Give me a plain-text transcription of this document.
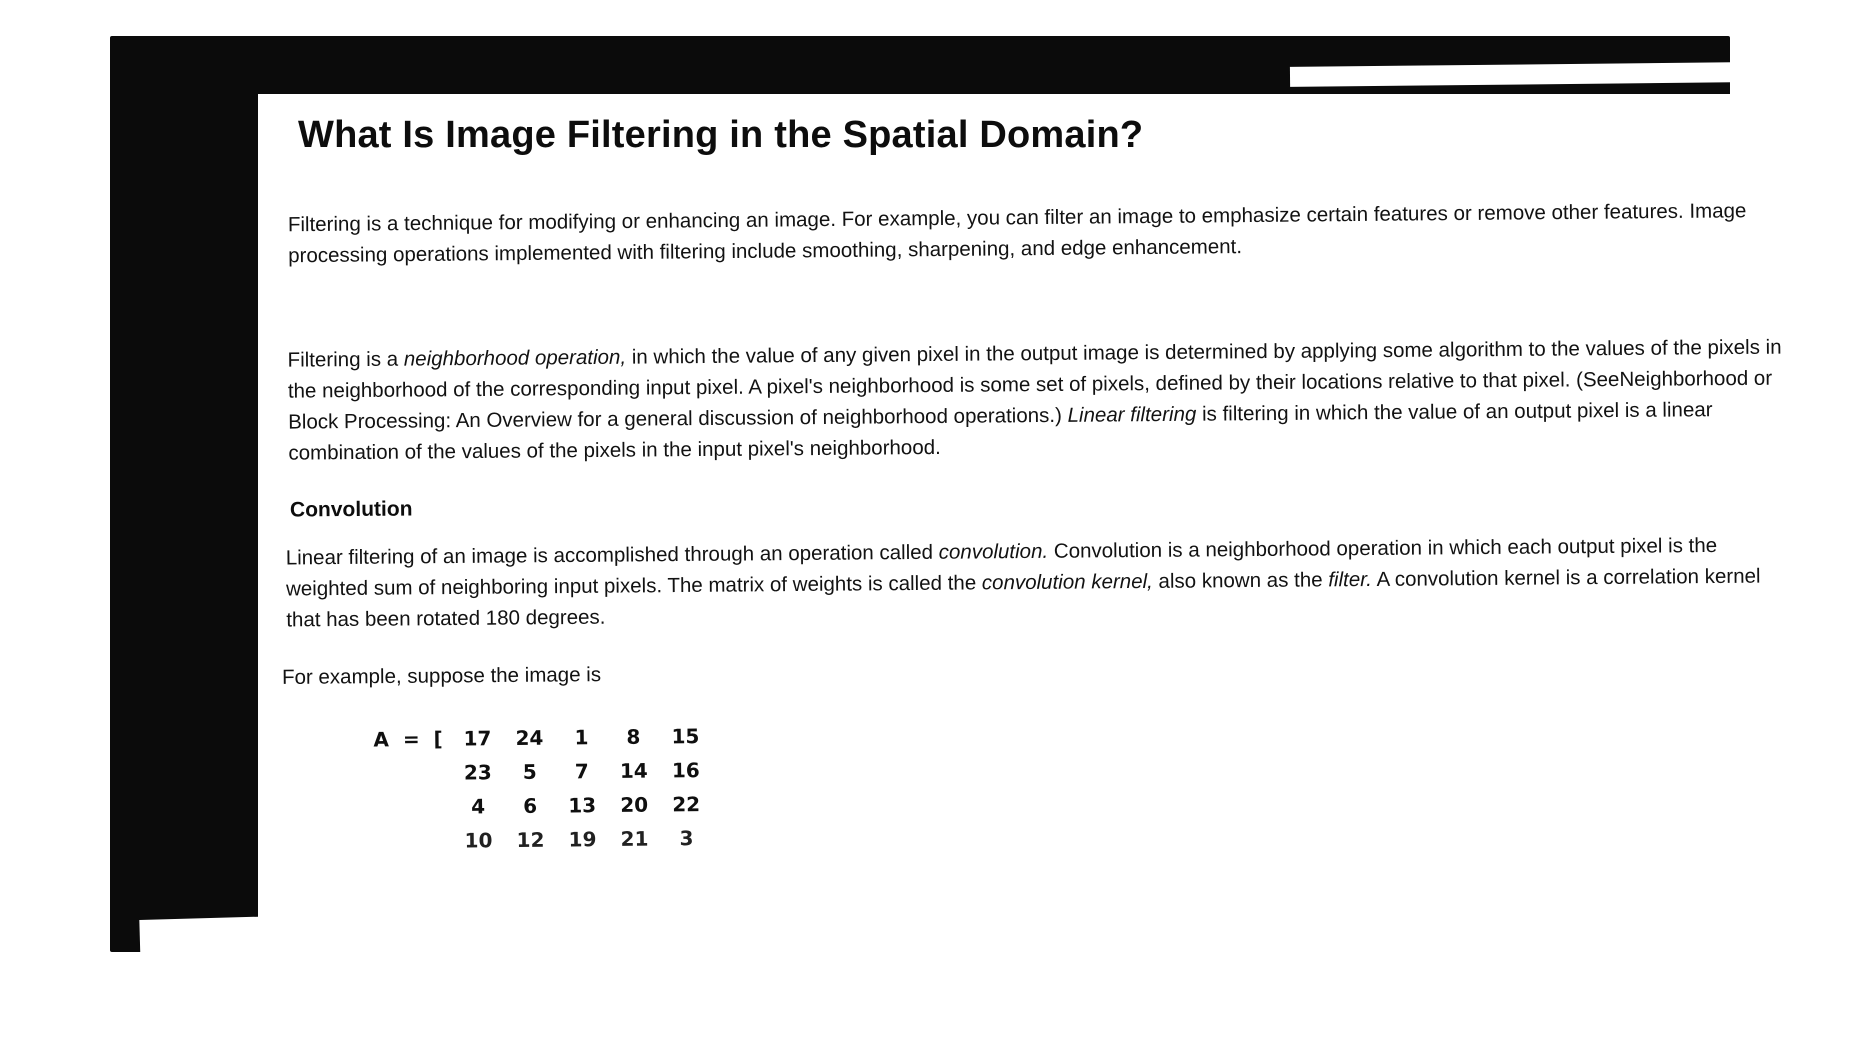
What Is Image Filtering in the Spatial Domain?
Filtering is a technique for modifying or enhancing an image. For example, you can filter an image to emphasize certain features or remove other features. Image processing operations implemented with filtering include smoothing, sharpening, and edge enhancement.
Filtering is a neighborhood operation, in which the value of any given pixel in the output image is determined by applying some algorithm to the values of the pixels in the neighborhood of the corresponding input pixel. A pixel's neighborhood is some set of pixels, defined by their locations relative to that pixel. (SeeNeighborhood or Block Processing: An Overview for a general discussion of neighborhood operations.) Linear filtering is filtering in which the value of an output pixel is a linear combination of the values of the pixels in the input pixel's neighborhood.
Convolution
Linear filtering of an image is accomplished through an operation called convolution. Convolution is a neighborhood operation in which each output pixel is the weighted sum of neighboring input pixels. The matrix of weights is called the convolution kernel, also known as the filter. A convolution kernel is a correlation kernel that has been rotated 180 degrees.
For example, suppose the image is

A  =  [ 17 24 1 8 15

23 5 7 14 16

4 6 13 20 22

10 12 19 21 3
